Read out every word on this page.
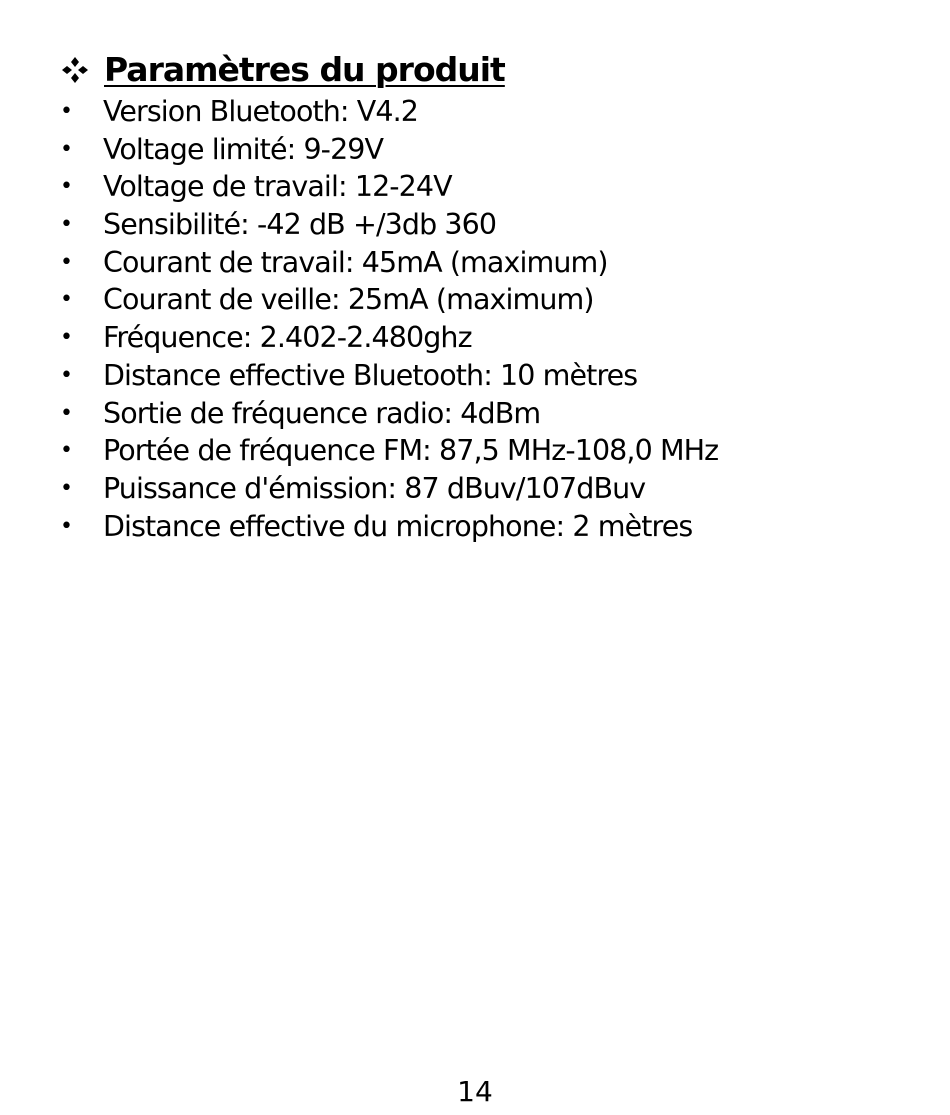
Paramètres du produit
• Version Bluetooth: V4.2
• Voltage limité: 9-29V
• Voltage de travail: 12-24V
• Sensibilité: -42 dB +/3db 360
• Courant de travail: 45mA (maximum)
• Courant de veille: 25mA (maximum)
• Fréquence: 2.402-2.480ghz
• Distance effective Bluetooth: 10 mètres
• Sortie de fréquence radio: 4dBm
• Portée de fréquence FM: 87,5 MHz-108,0 MHz
• Puissance d'émission: 87 dBuv/107dBuv
• Distance effective du microphone: 2 mètres
14
